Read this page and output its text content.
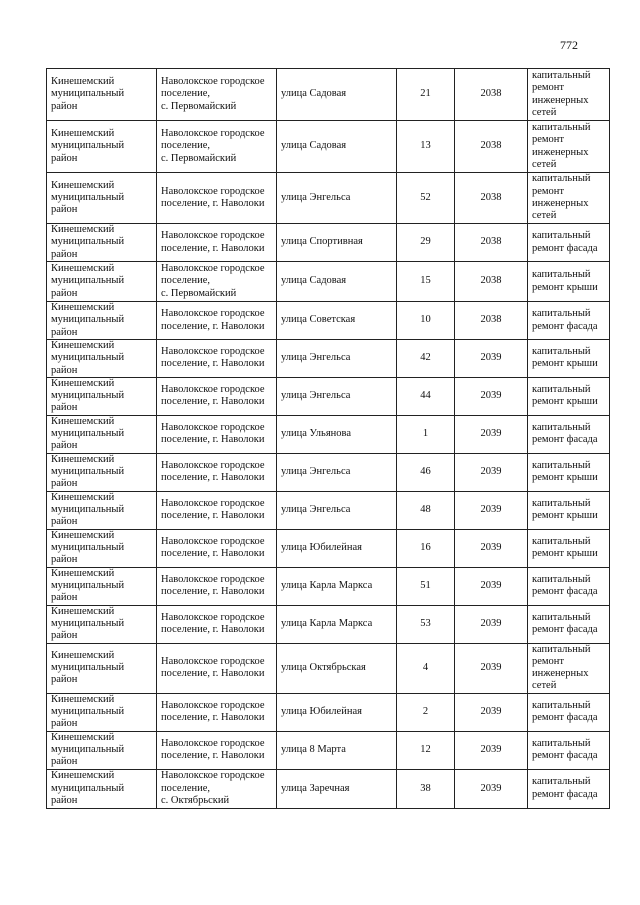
772
Кинешемский
муниципальный
район	Наволокское городское
поселение,
с. Первомайский	улица Садовая	21	2038	капитальный
ремонт
инженерных
сетей

Кинешемский
муниципальный
район	Наволокское городское
поселение,
с. Первомайский	улица Садовая	13	2038	капитальный
ремонт
инженерных
сетей

Кинешемский
муниципальный
район	Наволокское городское
поселение, г. Наволоки	улица Энгельса	52	2038	капитальный
ремонт
инженерных
сетей

Кинешемский
муниципальный
район	Наволокское городское
поселение, г. Наволоки	улица Спортивная	29	2038	капитальный
ремонт фасада

Кинешемский
муниципальный
район	Наволокское городское
поселение,
с. Первомайский	улица Садовая	15	2038	капитальный
ремонт крыши

Кинешемский
муниципальный
район	Наволокское городское
поселение, г. Наволоки	улица Советская	10	2038	капитальный
ремонт фасада

Кинешемский
муниципальный
район	Наволокское городское
поселение, г. Наволоки	улица Энгельса	42	2039	капитальный
ремонт крыши

Кинешемский
муниципальный
район	Наволокское городское
поселение, г. Наволоки	улица Энгельса	44	2039	капитальный
ремонт крыши

Кинешемский
муниципальный
район	Наволокское городское
поселение, г. Наволоки	улица Ульянова	1	2039	капитальный
ремонт фасада

Кинешемский
муниципальный
район	Наволокское городское
поселение, г. Наволоки	улица Энгельса	46	2039	капитальный
ремонт крыши

Кинешемский
муниципальный
район	Наволокское городское
поселение, г. Наволоки	улица Энгельса	48	2039	капитальный
ремонт крыши

Кинешемский
муниципальный
район	Наволокское городское
поселение, г. Наволоки	улица Юбилейная	16	2039	капитальный
ремонт крыши

Кинешемский
муниципальный
район	Наволокское городское
поселение, г. Наволоки	улица Карла Маркса	51	2039	капитальный
ремонт фасада

Кинешемский
муниципальный
район	Наволокское городское
поселение, г. Наволоки	улица Карла Маркса	53	2039	капитальный
ремонт фасада

Кинешемский
муниципальный
район	Наволокское городское
поселение, г. Наволоки	улица Октябрьская	4	2039	капитальный
ремонт
инженерных
сетей

Кинешемский
муниципальный
район	Наволокское городское
поселение, г. Наволоки	улица Юбилейная	2	2039	капитальный
ремонт фасада

Кинешемский
муниципальный
район	Наволокское городское
поселение, г. Наволоки	улица 8 Марта	12	2039	капитальный
ремонт фасада

Кинешемский
муниципальный
район	Наволокское городское
поселение,
с. Октябрьский	улица Заречная	38	2039	капитальный
ремонт фасада
